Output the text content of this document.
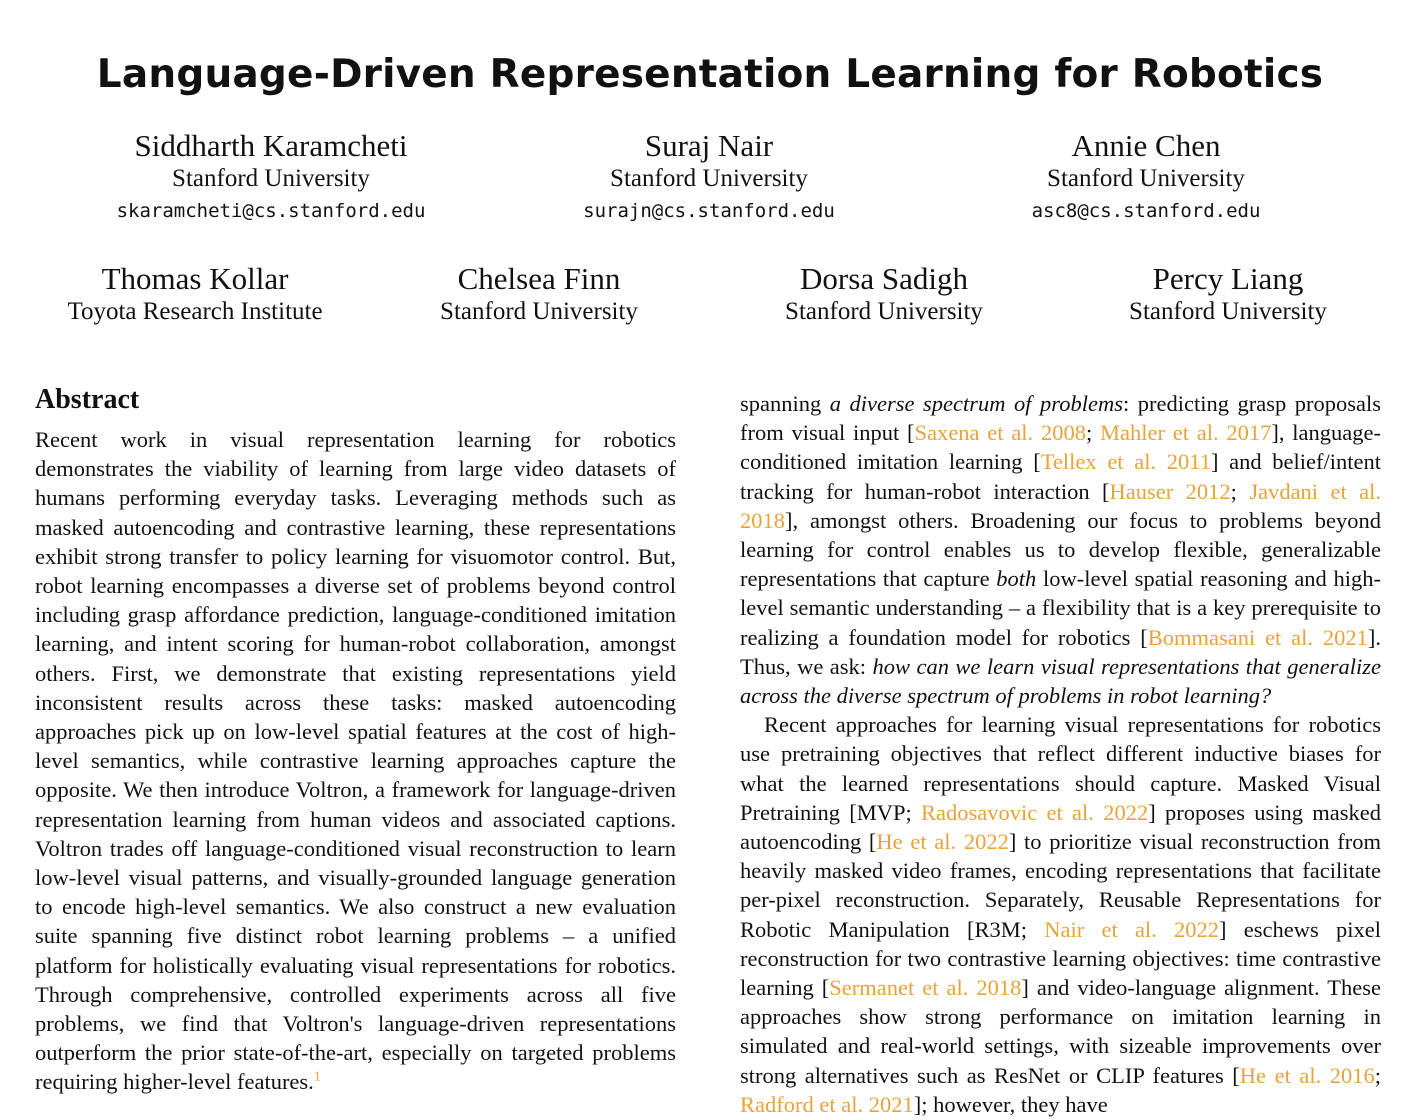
Language-Driven Representation Learning for Robotics
Siddharth Karamcheti
Stanford University
skaramcheti@cs.stanford.edu
Suraj Nair
Stanford University
surajn@cs.stanford.edu
Annie Chen
Stanford University
asc8@cs.stanford.edu
Thomas Kollar
Toyota Research Institute
Chelsea Finn
Stanford University
Dorsa Sadigh
Stanford University
Percy Liang
Stanford University
Abstract

Recent work in visual representation learning for robotics demonstrates the viability of learning from large video datasets of humans performing everyday tasks. Leveraging methods such as masked autoencoding and contrastive learning, these representations exhibit strong transfer to policy learning for visuomotor control. But, robot learning encompasses a diverse set of problems beyond control including grasp affordance prediction, language-conditioned imitation learning, and intent scoring for human-robot collaboration, amongst others. First, we demonstrate that existing representations yield inconsistent results across these tasks: masked autoencoding approaches pick up on low-level spatial features at the cost of high-level semantics, while contrastive learning approaches capture the opposite. We then introduce Voltron, a framework for language-driven representation learning from human videos and associated captions. Voltron trades off language-conditioned visual reconstruction to learn low-level visual patterns, and visually-grounded language generation to encode high-level semantics. We also construct a new evaluation suite spanning five distinct robot learning problems – a unified platform for holistically evaluating visual representations for robotics. Through comprehensive, controlled experiments across all five problems, we find that Voltron's language-driven representations outperform the prior state-of-the-art, especially on targeted problems requiring higher-level features.$^1$

spanning a diverse spectrum of problems: predicting grasp proposals from visual input [Saxena et al. 2008; Mahler et al. 2017], language-conditioned imitation learning [Tellex et al. 2011] and belief/intent tracking for human-robot interaction [Hauser 2012; Javdani et al. 2018], amongst others. Broadening our focus to problems beyond learning for control enables us to develop flexible, generalizable representations that capture both low-level spatial reasoning and high-level semantic understanding – a flexibility that is a key prerequisite to realizing a foundation model for robotics [Bommasani et al. 2021]. Thus, we ask: how can we learn visual representations that generalize across the diverse spectrum of problems in robot learning?

Recent approaches for learning visual representations for robotics use pretraining objectives that reflect different inductive biases for what the learned representations should capture. Masked Visual Pretraining [MVP; Radosavovic et al. 2022] proposes using masked autoencoding [He et al. 2022] to prioritize visual reconstruction from heavily masked video frames, encoding representations that facilitate per-pixel reconstruction. Separately, Reusable Representations for Robotic Manipulation [R3M; Nair et al. 2022] eschews pixel reconstruction for two contrastive learning objectives: time contrastive learning [Sermanet et al. 2018] and video-language alignment. These approaches show strong performance on imitation learning in simulated and real-world settings, with sizeable improvements over strong alternatives such as ResNet or CLIP features [He et al. 2016; Radford et al. 2021]; however, they have
